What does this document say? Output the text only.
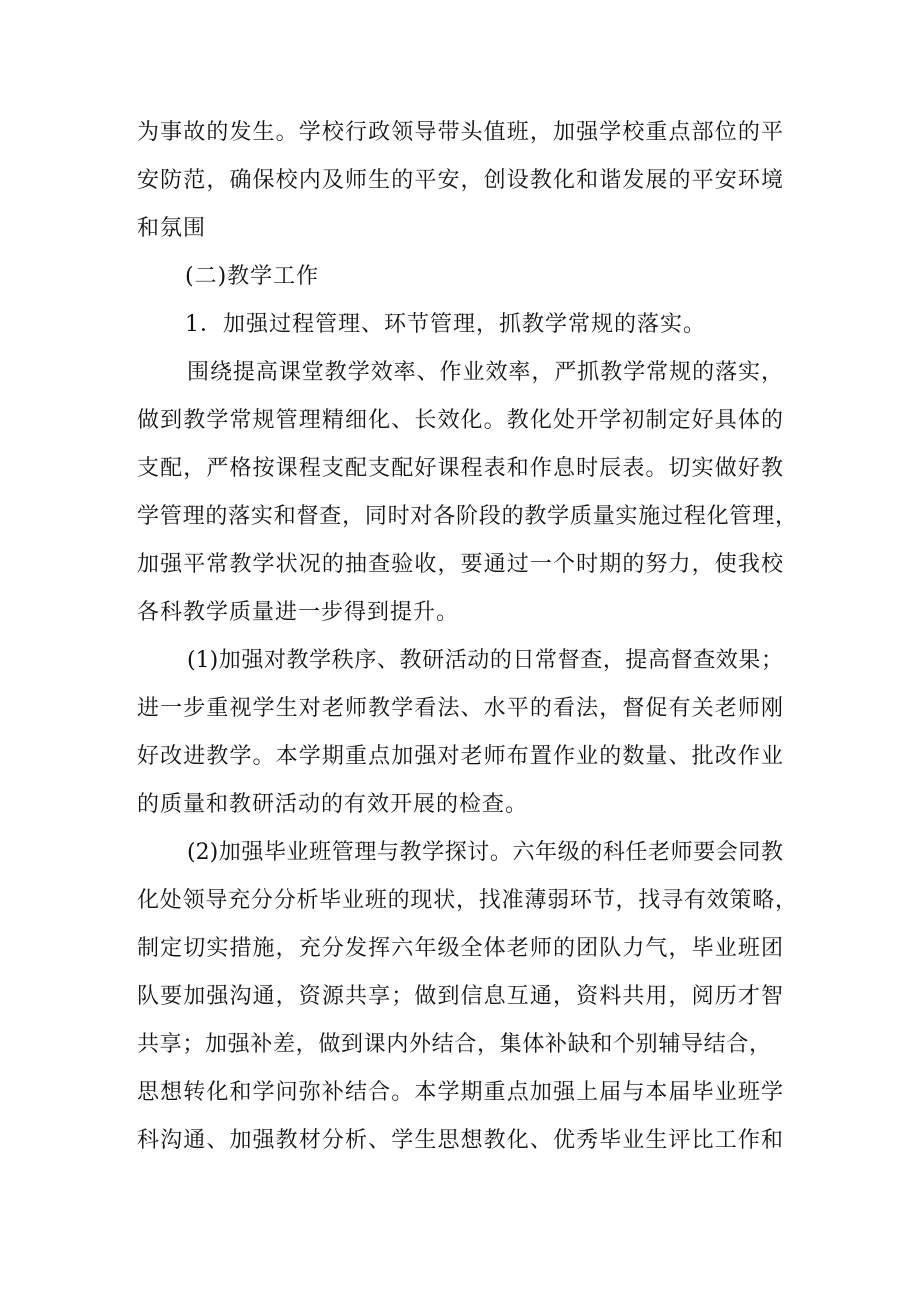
为事故的发生。学校行政领导带头值班，加强学校重点部位的平
安防范，确保校内及师生的平安，创设教化和谐发展的平安环境
和氛围
(二)教学工作
1．加强过程管理、环节管理，抓教学常规的落实。
围绕提高课堂教学效率、作业效率，严抓教学常规的落实，
做到教学常规管理精细化、长效化。教化处开学初制定好具体的
支配，严格按课程支配支配好课程表和作息时辰表。切实做好教
学管理的落实和督查，同时对各阶段的教学质量实施过程化管理，
加强平常教学状况的抽查验收，要通过一个时期的努力，使我校
各科教学质量进一步得到提升。
(1)加强对教学秩序、教研活动的日常督查，提高督查效果；
进一步重视学生对老师教学看法、水平的看法，督促有关老师刚
好改进教学。本学期重点加强对老师布置作业的数量、批改作业
的质量和教研活动的有效开展的检查。
(2)加强毕业班管理与教学探讨。六年级的科任老师要会同教
化处领导充分分析毕业班的现状，找准薄弱环节，找寻有效策略，
制定切实措施，充分发挥六年级全体老师的团队力气，毕业班团
队要加强沟通，资源共享；做到信息互通，资料共用，阅历才智
共享；加强补差，做到课内外结合，集体补缺和个别辅导结合，
思想转化和学问弥补结合。本学期重点加强上届与本届毕业班学
科沟通、加强教材分析、学生思想教化、优秀毕业生评比工作和
